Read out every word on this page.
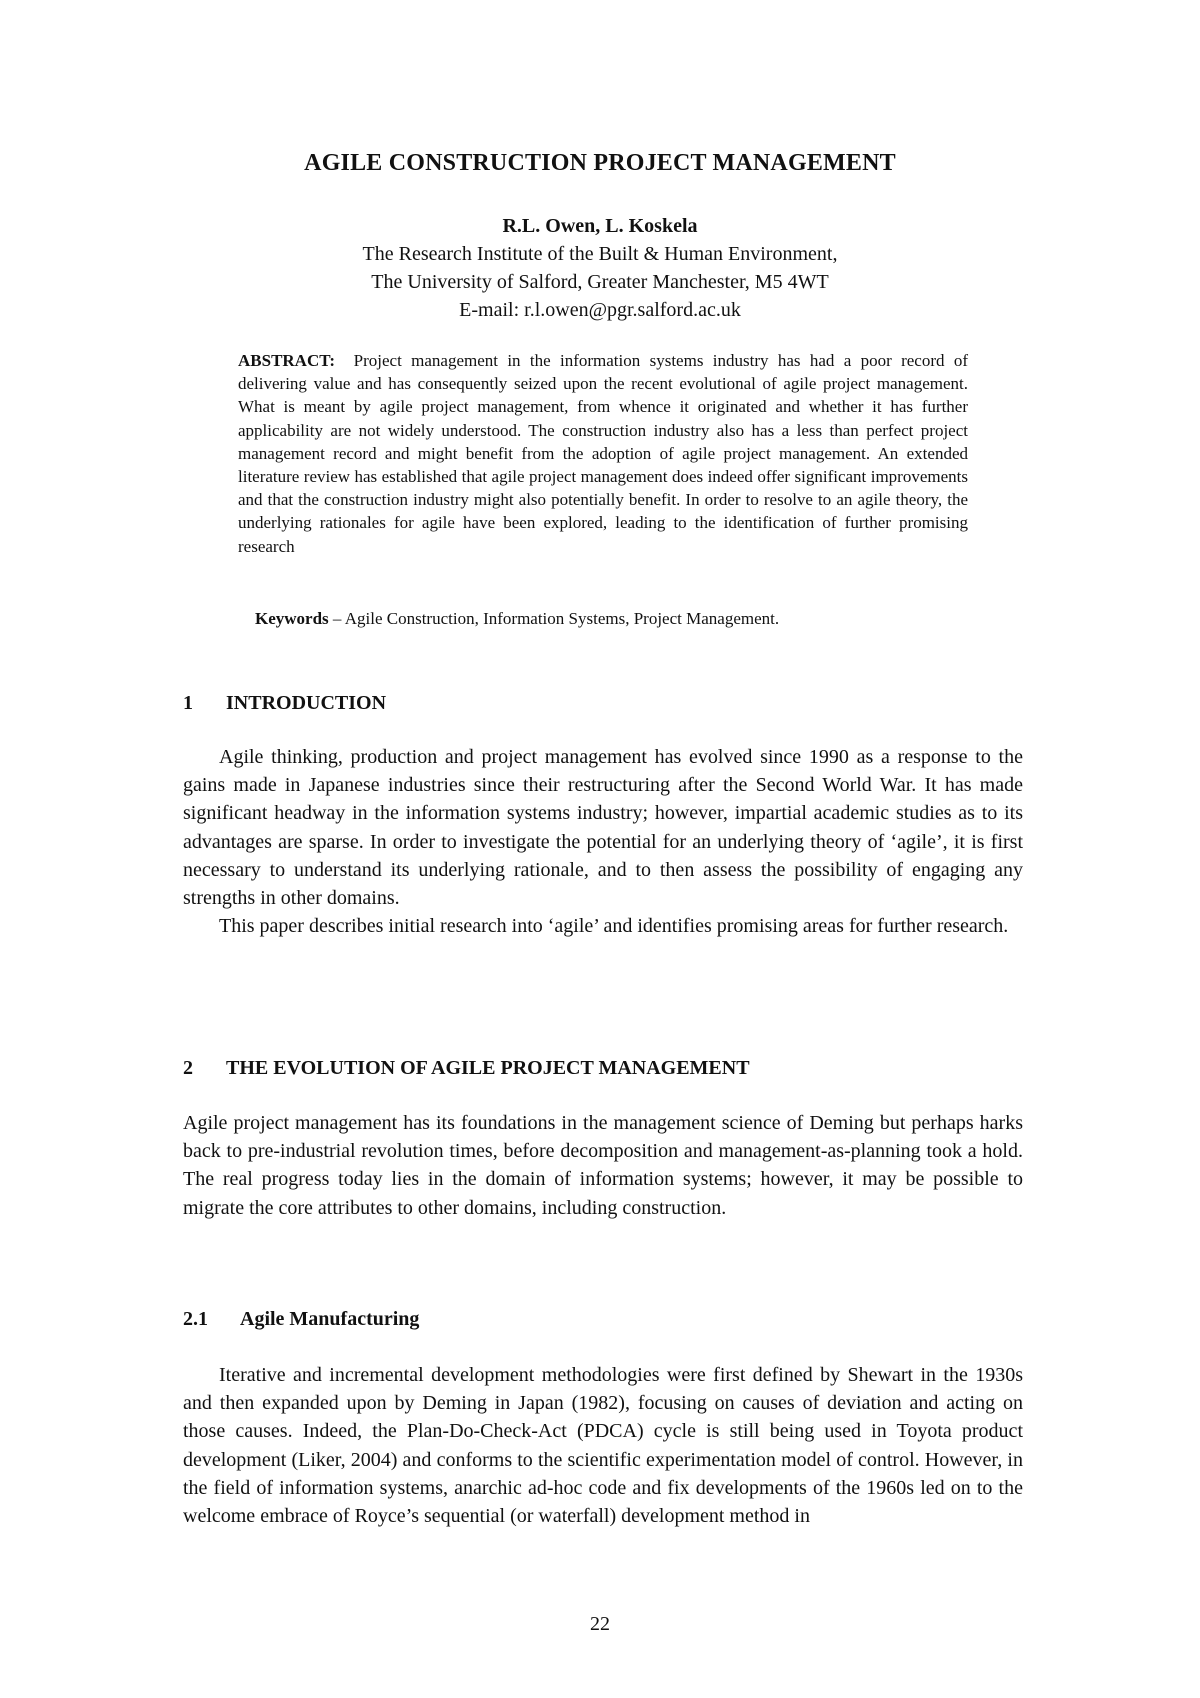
AGILE CONSTRUCTION PROJECT MANAGEMENT
R.L. Owen, L. Koskela
The Research Institute of the Built & Human Environment,
The University of Salford, Greater Manchester, M5 4WT
E-mail: r.l.owen@pgr.salford.ac.uk
ABSTRACT: Project management in the information systems industry has had a poor record of delivering value and has consequently seized upon the recent evolutional of agile project management. What is meant by agile project management, from whence it originated and whether it has further applicability are not widely understood. The construction industry also has a less than perfect project management record and might benefit from the adoption of agile project management. An extended literature review has established that agile project management does indeed offer significant improvements and that the construction industry might also potentially benefit. In order to resolve to an agile theory, the underlying rationales for agile have been explored, leading to the identification of further promising research
Keywords – Agile Construction, Information Systems, Project Management.
1 INTRODUCTION

Agile thinking, production and project management has evolved since 1990 as a response to the gains made in Japanese industries since their restructuring after the Second World War. It has made significant headway in the information systems industry; however, impartial academic studies as to its advantages are sparse. In order to investigate the potential for an underlying theory of ‘agile’, it is first necessary to understand its underlying rationale, and to then assess the possibility of engaging any strengths in other domains.

This paper describes initial research into ‘agile’ and identifies promising areas for further research.

2 THE EVOLUTION OF AGILE PROJECT MANAGEMENT

Agile project management has its foundations in the management science of Deming but perhaps harks back to pre-industrial revolution times, before decomposition and management-as-planning took a hold. The real progress today lies in the domain of information systems; however, it may be possible to migrate the core attributes to other domains, including construction.

2.1 Agile Manufacturing

Iterative and incremental development methodologies were first defined by Shewart in the 1930s and then expanded upon by Deming in Japan (1982), focusing on causes of deviation and acting on those causes. Indeed, the Plan-Do-Check-Act (PDCA) cycle is still being used in Toyota product development (Liker, 2004) and conforms to the scientific experimentation model of control. However, in the field of information systems, anarchic ad-hoc code and fix developments of the 1960s led on to the welcome embrace of Royce’s sequential (or waterfall) development method in

22
